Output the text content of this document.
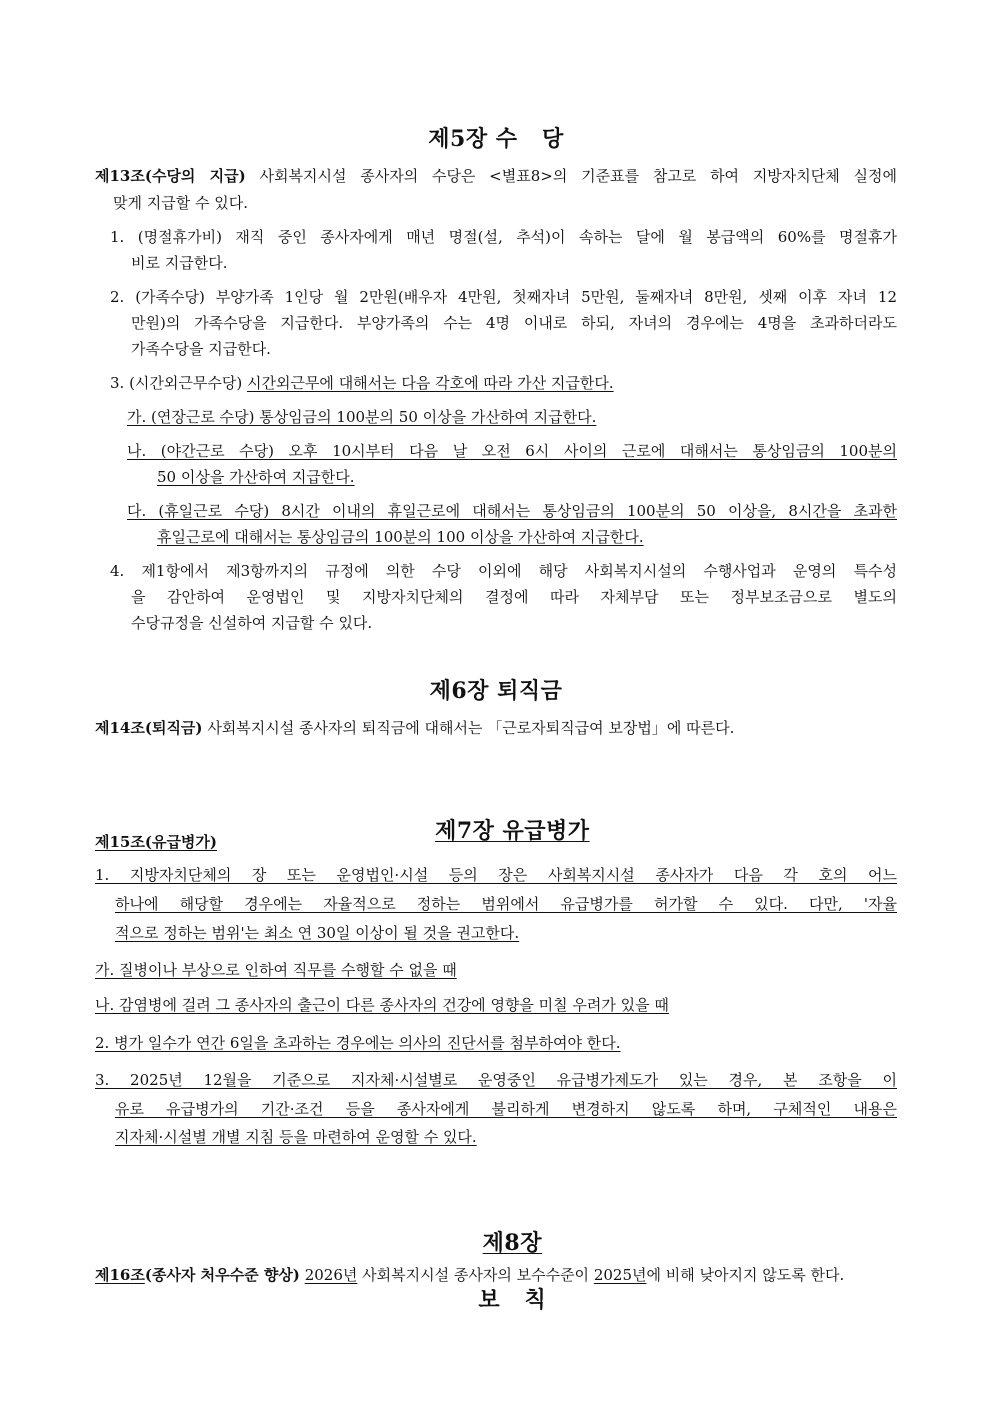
제5장 수   당
제13조(수당의 지급) 사회복지시설 종사자의 수당은 <별표8>의 기준표를 참고로 하여 지방자치단체 실정에
맞게 지급할 수 있다.
1. (명절휴가비) 재직 중인 종사자에게 매년 명절(설, 추석)이 속하는 달에 월 봉급액의 60%를 명절휴가
비로 지급한다.
2. (가족수당) 부양가족 1인당 월 2만원(배우자 4만원, 첫째자녀 5만원, 둘째자녀 8만원, 셋째 이후 자녀 12
만원)의 가족수당을 지급한다. 부양가족의 수는 4명 이내로 하되, 자녀의 경우에는 4명을 초과하더라도
가족수당을 지급한다.
3. (시간외근무수당) 시간외근무에 대해서는 다음 각호에 따라 가산 지급한다.
가. (연장근로 수당) 통상임금의 100분의 50 이상을 가산하여 지급한다.
나. (야간근로 수당) 오후 10시부터 다음 날 오전 6시 사이의 근로에 대해서는 통상임금의 100분의
50 이상을 가산하여 지급한다.
다. (휴일근로 수당) 8시간 이내의 휴일근로에 대해서는 통상임금의 100분의 50 이상을, 8시간을 초과한
휴일근로에 대해서는 통상임금의 100분의 100 이상을 가산하여 지급한다.
4. 제1항에서 제3항까지의 규정에 의한 수당 이외에 해당 사회복지시설의 수행사업과 운영의 특수성
을 감안하여 운영법인 및 지방자치단체의 결정에 따라 자체부담 또는 정부보조금으로 별도의
수당규정을 신설하여 지급할 수 있다.
제6장 퇴직금
제14조(퇴직금) 사회복지시설 종사자의 퇴직금에 대해서는 「근로자퇴직급여 보장법」에 따른다.

제7장 유급병가

제15조(유급병가)
1. 지방자치단체의 장 또는 운영법인·시설 등의 장은 사회복지시설 종사자가 다음 각 호의 어느
하나에 해당할 경우에는 자율적으로 정하는 범위에서 유급병가를 허가할 수 있다. 다만, '자율
적으로 정하는 범위'는 최소 연 30일 이상이 될 것을 권고한다.
가. 질병이나 부상으로 인하여 직무를 수행할 수 없을 때
나. 감염병에 걸려 그 종사자의 출근이 다른 종사자의 건강에 영향을 미칠 우려가 있을 때
2. 병가 일수가 연간 6일을 초과하는 경우에는 의사의 진단서를 첨부하여야 한다.
3. 2025년 12월을 기준으로 지자체·시설별로 운영중인 유급병가제도가 있는 경우, 본 조항을 이
유로 유급병가의 기간·조건 등을 종사자에게 불리하게 변경하지 않도록 하며, 구체적인 내용은
지자체·시설별 개별 지침 등을 마련하여 운영할 수 있다.

제8장

보   칙

제16조(종사자 처우수준 향상) 2026년 사회복지시설 종사자의 보수수준이 2025년에 비해 낮아지지 않도록 한다.
